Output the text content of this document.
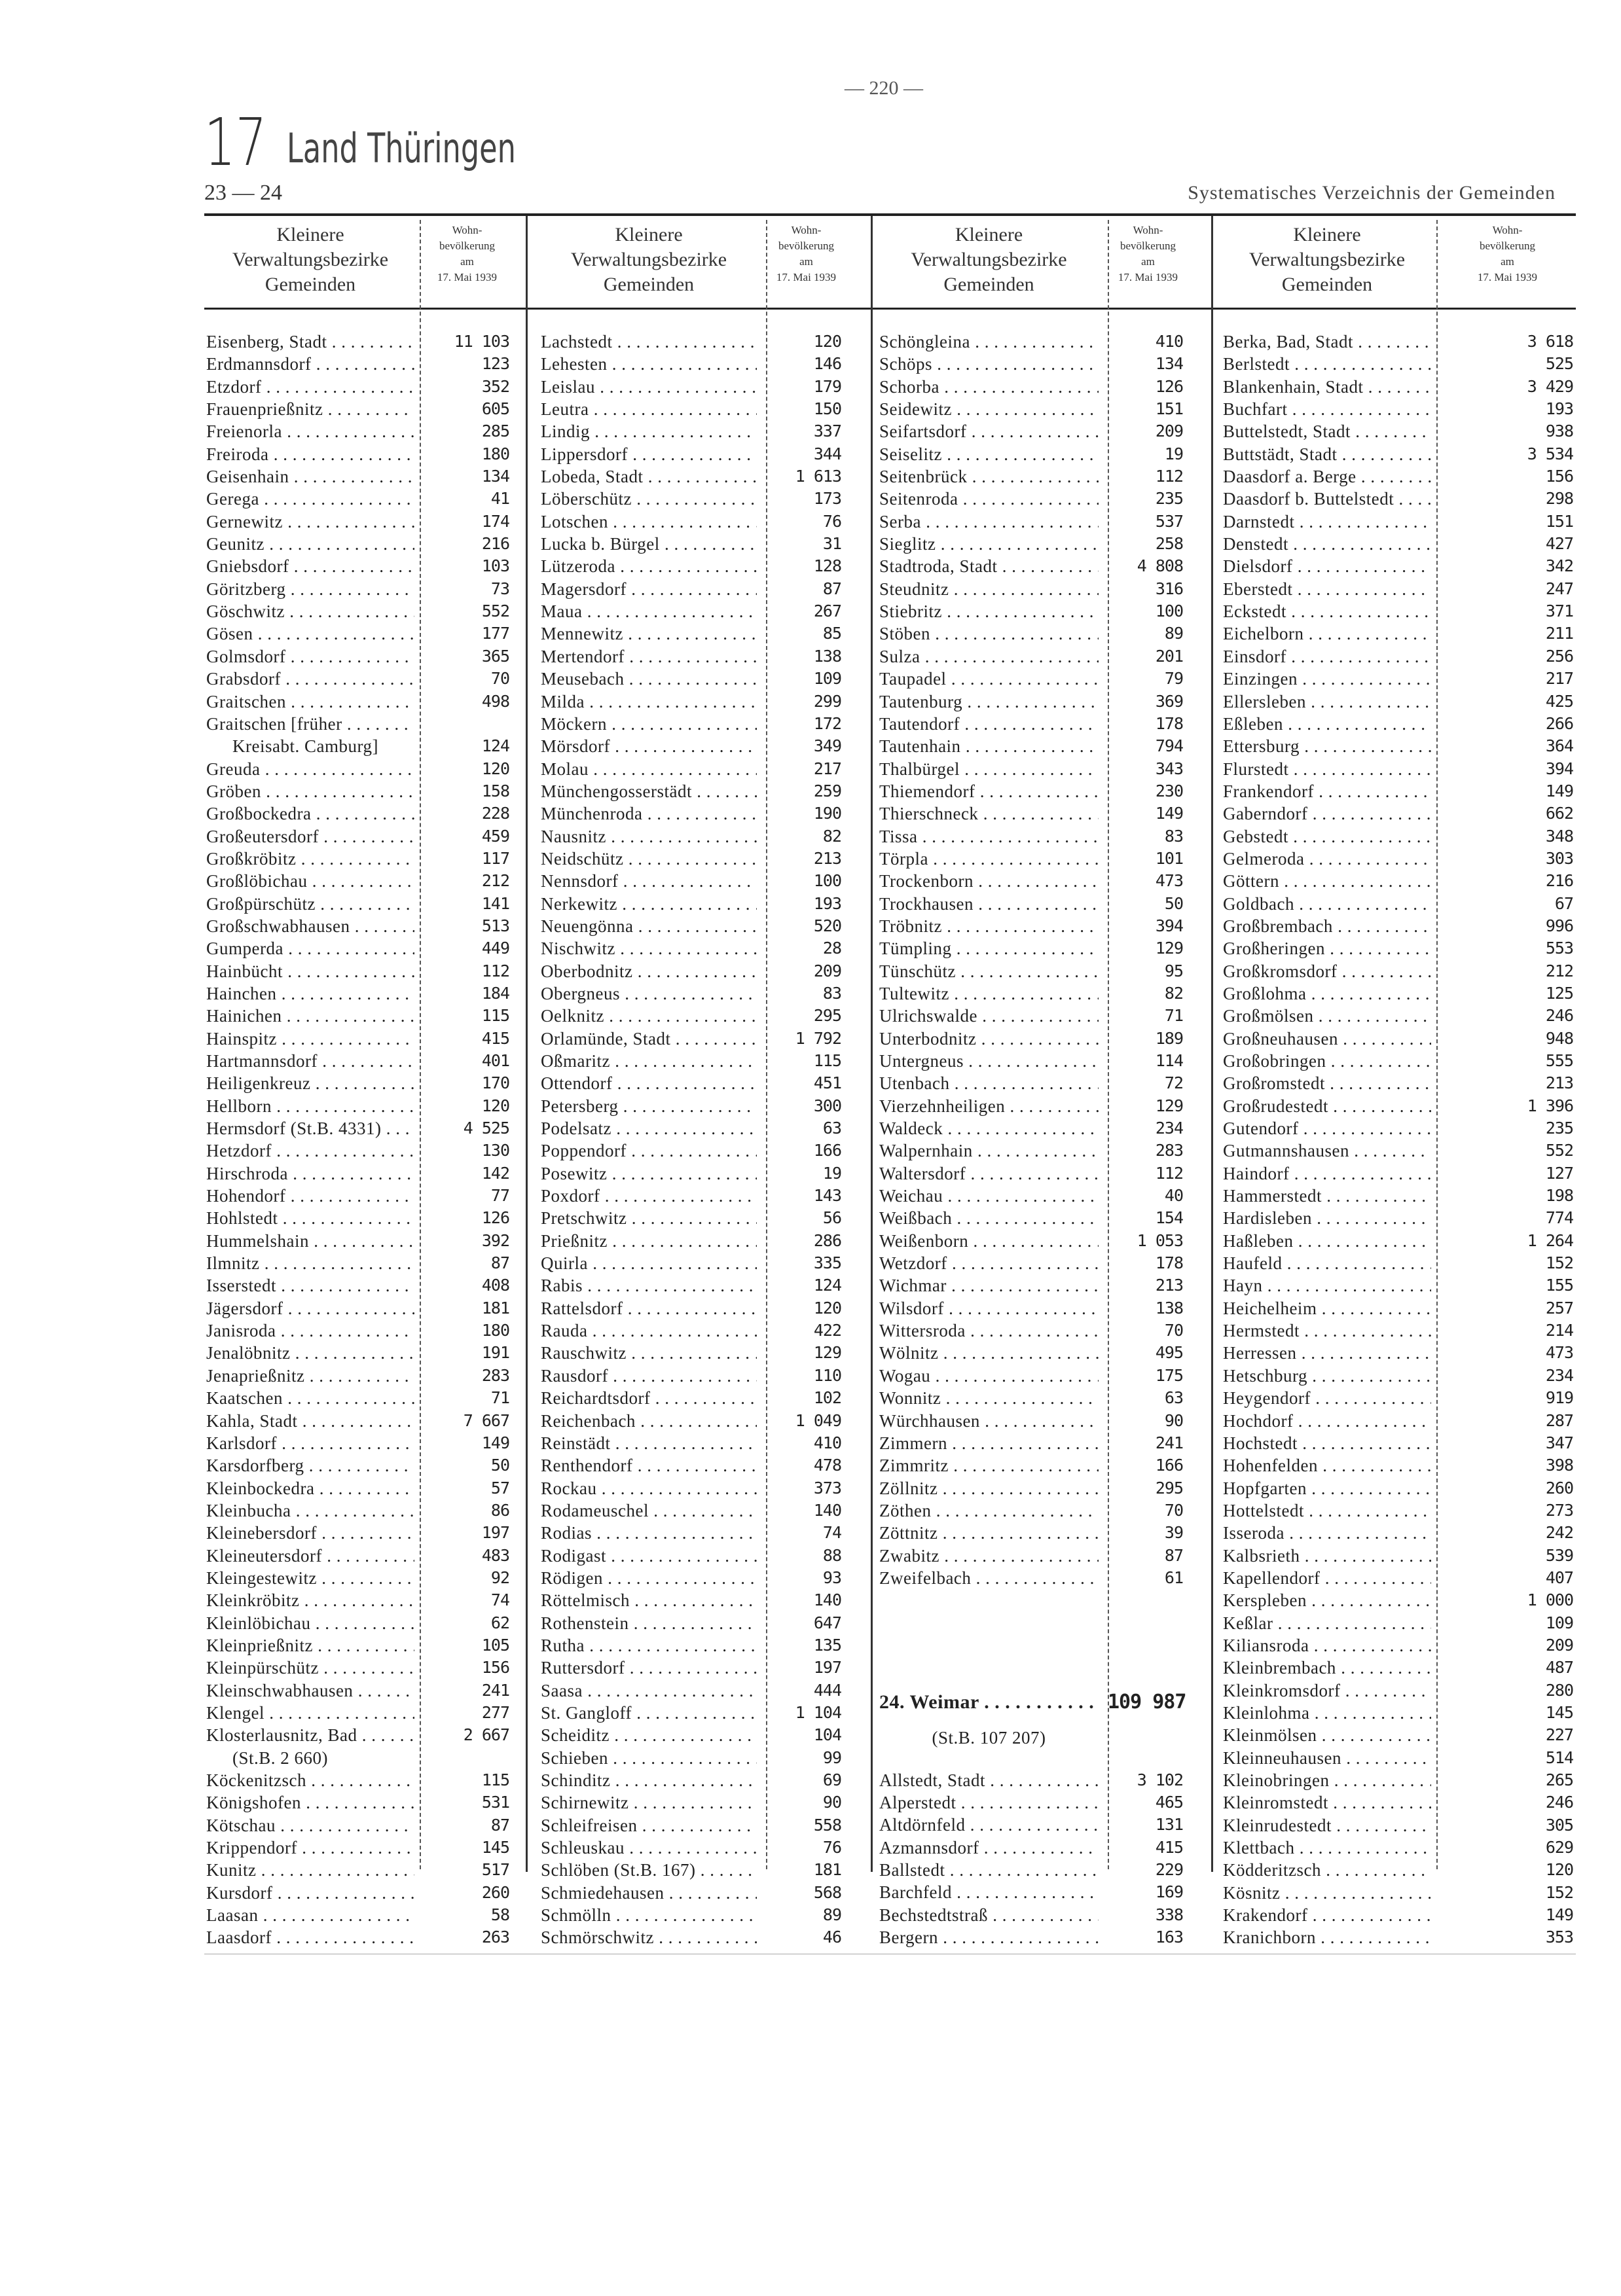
— 220 —
17 Land Thüringen
23 — 24	Systematisches Verzeichnis der Gemeinden
Kleinere
Verwaltungsbezirke
Gemeinden
Wohn-
bevölkerung
am
17. Mai 1939
Kleinere
Verwaltungsbezirke
Gemeinden
Wohn-
bevölkerung
am
17. Mai 1939
Kleinere
Verwaltungsbezirke
Gemeinden
Wohn-
bevölkerung
am
17. Mai 1939
Kleinere
Verwaltungsbezirke
Gemeinden
Wohn-
bevölkerung
am
17. Mai 1939
Eisenberg, Stadt . . .	11 103
Erdmannsdorf . . .	123
Etzdorf . . .	352
Frauenprießnitz . . .	605
Freienorla . . .	285
Freiroda . . .	180
Geisenhain . . .	134
Gerega . . .	41
Gernewitz . . .	174
Geunitz . . .	216
Gniebsdorf . . .	103
Göritzberg . . .	73
Göschwitz . . .	552
Gösen . . .	177
Golmsdorf . . .	365
Grabsdorf . . .	70
Graitschen . . .	498
Graitschen [früher . . .
Kreisabt. Camburg]	124
Greuda . . .	120
Gröben . . .	158
Großbockedra . . .	228
Großeutersdorf . . .	459
Großkröbitz . . .	117
Großlöbichau . . .	212
Großpürschütz . . .	141
Großschwabhausen . . .	513
Gumperda . . .	449
Hainbücht . . .	112
Hainchen . . .	184
Hainichen . . .	115
Hainspitz . . .	415
Hartmannsdorf . . .	401
Heiligenkreuz . . .	170
Hellborn . . .	120
Hermsdorf (St.B. 4331) . . .	4 525
Hetzdorf . . .	130
Hirschroda . . .	142
Hohendorf . . .	77
Hohlstedt . . .	126
Hummelshain . . .	392
Ilmnitz . . .	87
Isserstedt . . .	408
Jägersdorf . . .	181
Janisroda . . .	180
Jenalöbnitz . . .	191
Jenaprießnitz . . .	283
Kaatschen . . .	71
Kahla, Stadt . . .	7 667
Karlsdorf . . .	149
Karsdorfberg . . .	50
Kleinbockedra . . .	57
Kleinbucha . . .	86
Kleinebersdorf . . .	197
Kleineutersdorf . . .	483
Kleingestewitz . . .	92
Kleinkröbitz . . .	74
Kleinlöbichau . . .	62
Kleinprießnitz . . .	105
Kleinpürschütz . . .	156
Kleinschwabhausen . . .	241
Klengel . . .	277
Klosterlausnitz, Bad . . .	2 667
(St.B. 2 660)
Köckenitzsch . . .	115
Königshofen . . .	531
Kötschau . . .	87
Krippendorf . . .	145
Kunitz . . .	517
Kursdorf . . .	260
Laasan . . .	58
Laasdorf . . .	263
Lachstedt . . .	120
Lehesten . . .	146
Leislau . . .	179
Leutra . . .	150
Lindig . . .	337
Lippersdorf . . .	344
Lobeda, Stadt . . .	1 613
Löberschütz . . .	173
Lotschen . . .	76
Lucka b. Bürgel . . .	31
Lützeroda . . .	128
Magersdorf . . .	87
Maua . . .	267
Mennewitz . . .	85
Mertendorf . . .	138
Meusebach . . .	109
Milda . . .	299
Möckern . . .	172
Mörsdorf . . .	349
Molau . . .	217
Münchengosserstädt . . .	259
Münchenroda . . .	190
Nausnitz . . .	82
Neidschütz . . .	213
Nennsdorf . . .	100
Nerkewitz . . .	193
Neuengönna . . .	520
Nischwitz . . .	28
Oberbodnitz . . .	209
Obergneus . . .	83
Oelknitz . . .	295
Orlamünde, Stadt . . .	1 792
Oßmaritz . . .	115
Ottendorf . . .	451
Petersberg . . .	300
Podelsatz . . .	63
Poppendorf . . .	166
Posewitz . . .	19
Poxdorf . . .	143
Pretschwitz . . .	56
Prießnitz . . .	286
Quirla . . .	335
Rabis . . .	124
Rattelsdorf . . .	120
Rauda . . .	422
Rauschwitz . . .	129
Rausdorf . . .	110
Reichardtsdorf . . .	102
Reichenbach . . .	1 049
Reinstädt . . .	410
Renthendorf . . .	478
Rockau . . .	373
Rodameuschel . . .	140
Rodias . . .	74
Rodigast . . .	88
Rödigen . . .	93
Röttelmisch . . .	140
Rothenstein . . .	647
Rutha . . .	135
Ruttersdorf . . .	197
Saasa . . .	444
St. Gangloff . . .	1 104
Scheiditz . . .	104
Schieben . . .	99
Schinditz . . .	69
Schirnewitz . . .	90
Schleifreisen . . .	558
Schleuskau . . .	76
Schlöben (St.B. 167) . . .	181
Schmiedehausen . . .	568
Schmölln . . .	89
Schmörschwitz . . .	46
Schöngleina . . .	410
Schöps . . .	134
Schorba . . .	126
Seidewitz . . .	151
Seifartsdorf . . .	209
Seiselitz . . .	19
Seitenbrück . . .	112
Seitenroda . . .	235
Serba . . .	537
Sieglitz . . .	258
Stadtroda, Stadt . . .	4 808
Steudnitz . . .	316
Stiebritz . . .	100
Stöben . . .	89
Sulza . . .	201
Taupadel . . .	79
Tautenburg . . .	369
Tautendorf . . .	178
Tautenhain . . .	794
Thalbürgel . . .	343
Thiemendorf . . .	230
Thierschneck . . .	149
Tissa . . .	83
Törpla . . .	101
Trockenborn . . .	473
Trockhausen . . .	50
Tröbnitz . . .	394
Tümpling . . .	129
Tünschütz . . .	95
Tultewitz . . .	82
Ulrichswalde . . .	71
Unterbodnitz . . .	189
Untergneus . . .	114
Utenbach . . .	72
Vierzehnheiligen . . .	129
Waldeck . . .	234
Walpernhain . . .	283
Waltersdorf . . .	112
Weichau . . .	40
Weißbach . . .	154
Weißenborn . . .	1 053
Wetzdorf . . .	178
Wichmar . . .	213
Wilsdorf . . .	138
Wittersroda . . .	70
Wölnitz . . .	495
Wogau . . .	175
Wonnitz . . .	63
Würchhausen . . .	90
Zimmern . . .	241
Zimmritz . . .	166
Zöllnitz . . .	295
Zöthen . . .	70
Zöttnitz . . .	39
Zwabitz . . .	87
Zweifelbach . . .	61
24. Weimar . . .	109 987
(St.B. 107 207)
Allstedt, Stadt . . .	3 102
Alperstedt . . .	465
Altdörnfeld . . .	131
Azmannsdorf . . .	415
Ballstedt . . .	229
Barchfeld . . .	169
Bechstedtstraß . . .	338
Bergern . . .	163
Berka, Bad, Stadt . . .	3 618
Berlstedt . . .	525
Blankenhain, Stadt . . .	3 429
Buchfart . . .	193
Buttelstedt, Stadt . . .	938
Buttstädt, Stadt . . .	3 534
Daasdorf a. Berge . . .	156
Daasdorf b. Buttelstedt . . .	298
Darnstedt . . .	151
Denstedt . . .	427
Dielsdorf . . .	342
Eberstedt . . .	247
Eckstedt . . .	371
Eichelborn . . .	211
Einsdorf . . .	256
Einzingen . . .	217
Ellersleben . . .	425
Eßleben . . .	266
Ettersburg . . .	364
Flurstedt . . .	394
Frankendorf . . .	149
Gaberndorf . . .	662
Gebstedt . . .	348
Gelmeroda . . .	303
Göttern . . .	216
Goldbach . . .	67
Großbrembach . . .	996
Großheringen . . .	553
Großkromsdorf . . .	212
Großlohma . . .	125
Großmölsen . . .	246
Großneuhausen . . .	948
Großobringen . . .	555
Großromstedt . . .	213
Großrudestedt . . .	1 396
Gutendorf . . .	235
Gutmannshausen . . .	552
Haindorf . . .	127
Hammerstedt . . .	198
Hardisleben . . .	774
Haßleben . . .	1 264
Haufeld . . .	152
Hayn . . .	155
Heichelheim . . .	257
Hermstedt . . .	214
Herressen . . .	473
Hetschburg . . .	234
Heygendorf . . .	919
Hochdorf . . .	287
Hochstedt . . .	347
Hohenfelden . . .	398
Hopfgarten . . .	260
Hottelstedt . . .	273
Isseroda . . .	242
Kalbsrieth . . .	539
Kapellendorf . . .	407
Kerspleben . . .	1 000
Keßlar . . .	109
Kiliansroda . . .	209
Kleinbrembach . . .	487
Kleinkromsdorf . . .	280
Kleinlohma . . .	145
Kleinmölsen . . .	227
Kleinneuhausen . . .	514
Kleinobringen . . .	265
Kleinromstedt . . .	246
Kleinrudestedt . . .	305
Klettbach . . .	629
Ködderitzsch . . .	120
Kösnitz . . .	152
Krakendorf . . .	149
Kranichborn . . .	353
